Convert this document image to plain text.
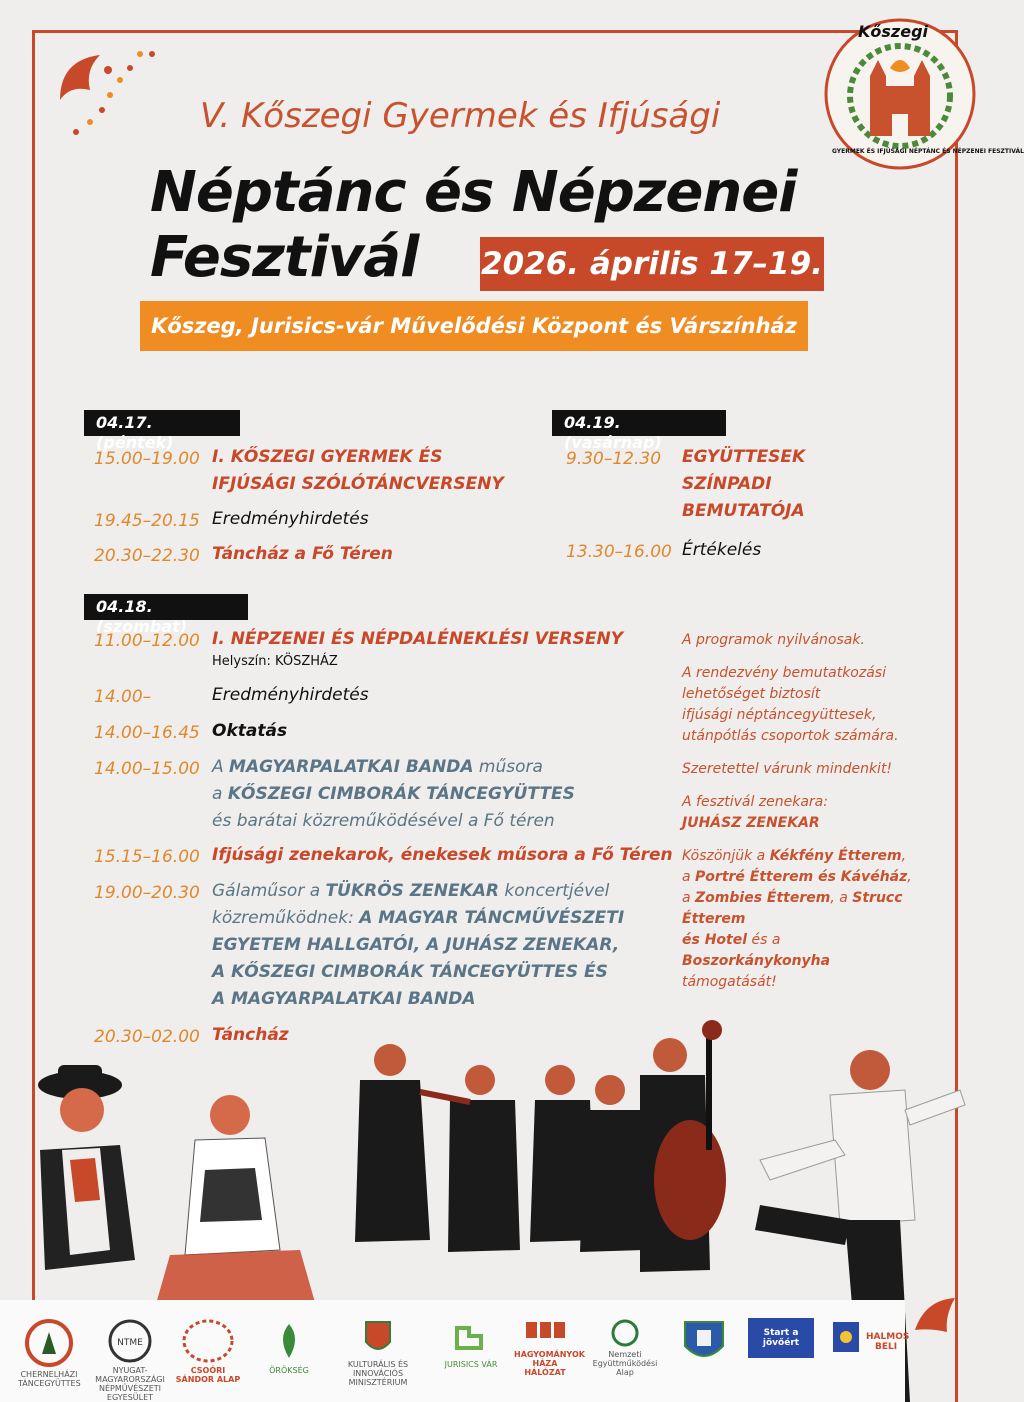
Kőszegi
GYERMEK ÉS IFJÚSÁGI NÉPTÁNC ÉS NÉPZENEI FESZTIVÁL
V. Kőszegi Gyermek és Ifjúsági
Néptánc és Népzenei
Fesztivál 2026. április 17–19.
Kőszeg, Jurisics-vár Művelődési Központ és Várszínház
04.17. (péntek)
15.00–19.00 I. KŐSZEGI GYERMEK ÉS
IFJÚSÁGI SZÓLÓTÁNCVERSENY
19.45–20.15 Eredményhirdetés
20.30–22.30 Táncház a Fő Téren
04.19. (vasárnap)
9.30–12.30 EGYÜTTESEK
SZÍNPADI
BEMUTATÓJA
13.30–16.00 Értékelés
04.18. (szombat)
11.00–12.00 I. NÉPZENEI ÉS NÉPDALÉNEKLÉSI VERSENY
Helyszín: KÖSZHÁZ
14.00–	Eredményhirdetés
14.00–16.45 Oktatás
14.00–15.00 A MAGYARPALATKAI BANDA műsora
a KŐSZEGI CIMBORÁK TÁNCEGYÜTTES
és barátai közreműködésével a Fő téren
15.15–16.00 Ifjúsági zenekarok, énekesek műsora a Fő Téren
19.00–20.30 Gálaműsor a TÜKRÖS ZENEKAR koncertjével
közreműködnek: A MAGYAR TÁNCMŰVÉSZETI
EGYETEM HALLGATÓI, A JUHÁSZ ZENEKAR,
A KŐSZEGI CIMBORÁK TÁNCEGYÜTTES ÉS
A MAGYARPALATKAI BANDA
20.30–02.00 Táncház
A programok nyilvánosak.
A rendezvény bemutatkozási
lehetőséget biztosít
ifjúsági néptáncegyüttesek,
utánpótlás csoportok számára.
Szeretettel várunk mindenkit!
A fesztivál zenekara:
JUHÁSZ ZENEKAR
Köszönjük a Kékfény Étterem,
a Portré Étterem és Kávéház,
a Zombies Étterem, a Strucc Étterem
és Hotel és a Boszorkánykonyha
támogatását!
CHERNELHÁZI TÁNCEGYÜTTES
NTME
NYUGAT-MAGYARORSZÁGI NÉPMŰVÉSZETI EGYESÜLET
CSOÓRI SÁNDOR ALAP
ÖRÖKSÉG
KULTURÁLIS ÉS INNOVÁCIÓS MINISZTÉRIUM
JURISICS VÁR
HAGYOMÁNYOK HÁZA HÁLÓZAT
Nemzeti Együttműködési Alap
Start a jövőért
HALMOS BELI
